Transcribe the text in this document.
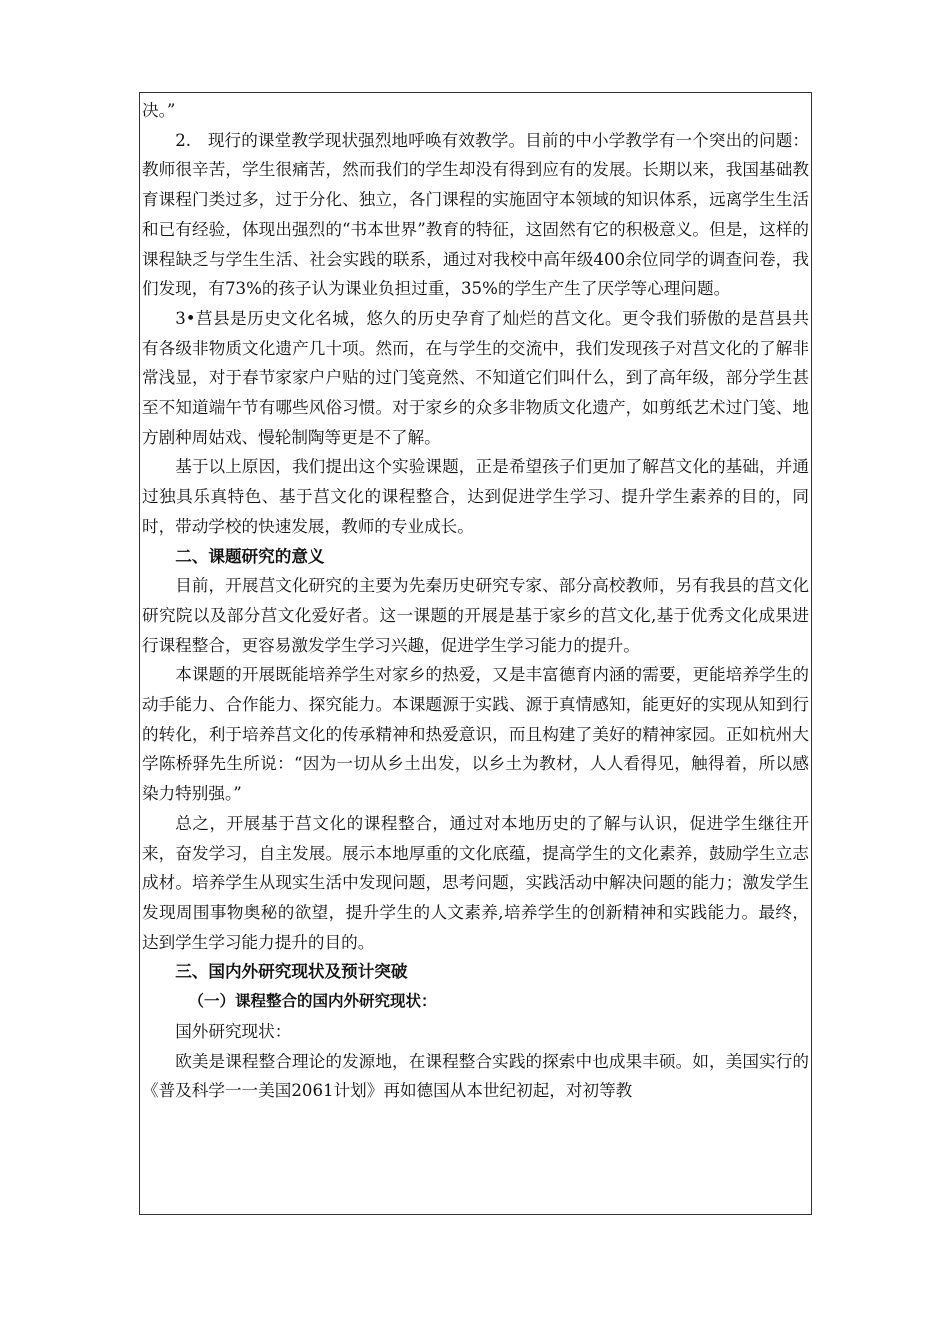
决。”

2.　现行的课堂教学现状强烈地呼唤有效教学。目前的中小学教学有一个突出的问题：教师很辛苦，学生很痛苦，然而我们的学生却没有得到应有的发展。长期以来，我国基础教育课程门类过多，过于分化、独立，各门课程的实施固守本领域的知识体系，远离学生生活和已有经验，体现出强烈的“书本世界”教育的特征，这固然有它的积极意义。但是，这样的课程缺乏与学生生活、社会实践的联系，通过对我校中高年级400余位同学的调查问卷，我们发现，有73%的孩子认为课业负担过重，35%的学生产生了厌学等心理问题。

3•莒县是历史文化名城，悠久的历史孕育了灿烂的莒文化。更令我们骄傲的是莒县共有各级非物质文化遗产几十项。然而，在与学生的交流中，我们发现孩子对莒文化的了解非常浅显，对于春节家家户户贴的过门笺竟然、不知道它们叫什么，到了高年级，部分学生甚至不知道端午节有哪些风俗习惯。对于家乡的众多非物质文化遗产，如剪纸艺术过门笺、地方剧种周姑戏、慢轮制陶等更是不了解。

基于以上原因，我们提出这个实验课题，正是希望孩子们更加了解莒文化的基础，并通过独具乐真特色、基于莒文化的课程整合，达到促进学生学习、提升学生素养的目的，同时，带动学校的快速发展，教师的专业成长。

二、课题研究的意义

目前，开展莒文化研究的主要为先秦历史研究专家、部分高校教师，另有我县的莒文化研究院以及部分莒文化爱好者。这一课题的开展是基于家乡的莒文化,基于优秀文化成果进行课程整合，更容易激发学生学习兴趣，促进学生学习能力的提升。

本课题的开展既能培养学生对家乡的热爱，又是丰富德育内涵的需要，更能培养学生的动手能力、合作能力、探究能力。本课题源于实践、源于真情感知，能更好的实现从知到行的转化，利于培养莒文化的传承精神和热爱意识，而且构建了美好的精神家园。正如杭州大学陈桥驿先生所说：“因为一切从乡土出发，以乡土为教材，人人看得见，触得着，所以感染力特别强。”

总之，开展基于莒文化的课程整合，通过对本地历史的了解与认识，促进学生继往开来，奋发学习，自主发展。展示本地厚重的文化底蕴，提高学生的文化素养，鼓励学生立志成材。培养学生从现实生活中发现问题，思考问题，实践活动中解决问题的能力；激发学生发现周围事物奥秘的欲望，提升学生的人文素养,培养学生的创新精神和实践能力。最终，达到学生学习能力提升的目的。

三、国内外研究现状及预计突破

（一）课程整合的国内外研究现状：

国外研究现状：

欧美是课程整合理论的发源地，在课程整合实践的探索中也成果丰硕。如，美国实行的《普及科学一一美国2061计划》再如德国从本世纪初起，对初等教
